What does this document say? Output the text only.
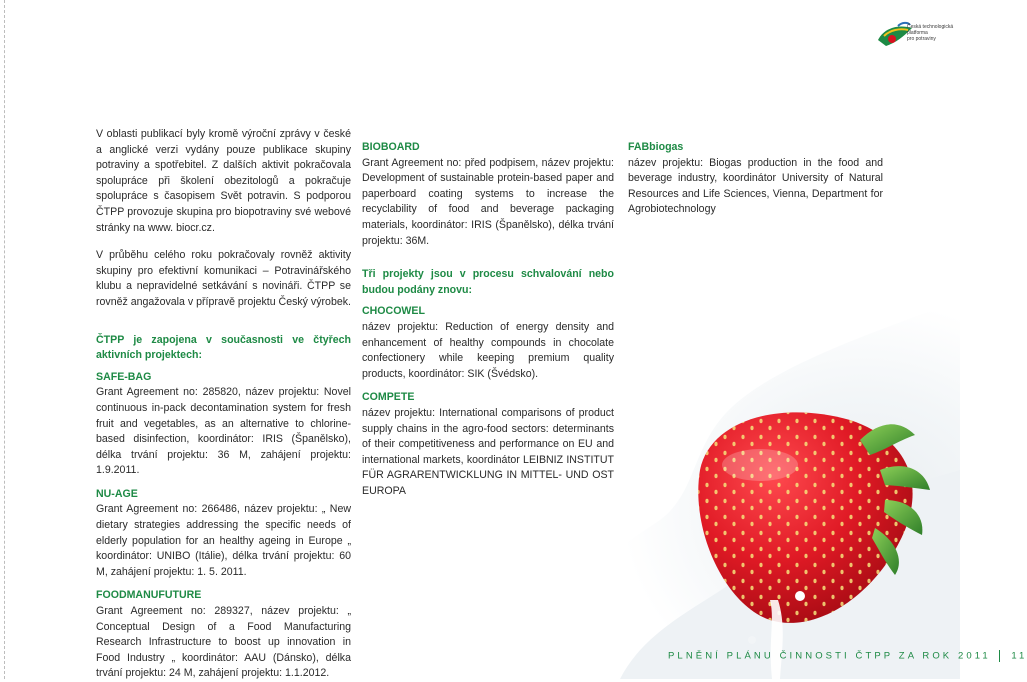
Česká technologická platforma
pro potraviny

V oblasti publikací byly kromě výroční zprávy v české a anglické verzi vydány pouze publikace skupiny potraviny a spotřebitel. Z dalších aktivit pokračovala spolupráce při školení obezitologů a pokračuje spolupráce s časopisem Svět potravin. S podporou ČTPP provozuje skupina pro biopotraviny své webové stránky na www. biocr.cz.

V průběhu celého roku pokračovaly rovněž aktivity skupiny pro efektivní komunikaci – Potravinářského klubu a nepravidelné setkávání s novináři. ČTPP se rovněž angažovala v přípravě projektu Český výrobek.

ČTPP je zapojena v současnosti ve čtyřech aktivních projektech:

SAFE-BAG

Grant Agreement no: 285820, název projektu: Novel continuous in-pack decontamination system for fresh fruit and vegetables, as an alternative to chlorine-based disinfection, koordinátor: IRIS (Španělsko), délka trvání projektu: 36 M, zahájení projektu: 1.9.2011.

NU-AGE

Grant Agreement no: 266486, název projektu: „ New dietary strategies addressing the specific needs of elderly population for an healthy ageing in Europe „ koordinátor: UNIBO (Itálie), délka trvání projektu: 60 M, zahájení projektu: 1. 5. 2011.

FOODMANUFUTURE

Grant Agreement no: 289327, název projektu: „ Conceptual Design of a Food Manufacturing Research Infrastructure to boost up innovation in Food Industry „ koordinátor: AAU (Dánsko), délka trvání projektu: 24 M, zahájení projektu: 1.1.2012.

BIOBOARD

Grant Agreement no: před podpisem, název projektu: Development of sustainable protein-based paper and paperboard coating systems to increase the recyclability of food and beverage packaging materials, koordinátor: IRIS (Španělsko), délka trvání projektu: 36M.

Tři projekty jsou v procesu schvalování nebo budou podány znovu:

CHOCOWEL

název projektu: Reduction of energy density and enhancement of healthy compounds in chocolate confectionery while keeping premium quality products, koordinátor: SIK (Švédsko).

COMPETE

název projektu: International comparisons of product supply chains in the agro-food sectors: determinants of their competitiveness and performance on EU and international markets, koordinátor LEIBNIZ INSTITUT FÜR AGRARENTWICKLUNG IN MITTEL- UND OST EUROPA

FABbiogas

název projektu: Biogas production in the food and beverage industry, koordinátor University of Natural Resources and Life Sciences, Vienna, Department for Agrobiotechnology

PLNĚNÍ PLÁNU ČINNOSTI ČTPP ZA ROK 2011 11
